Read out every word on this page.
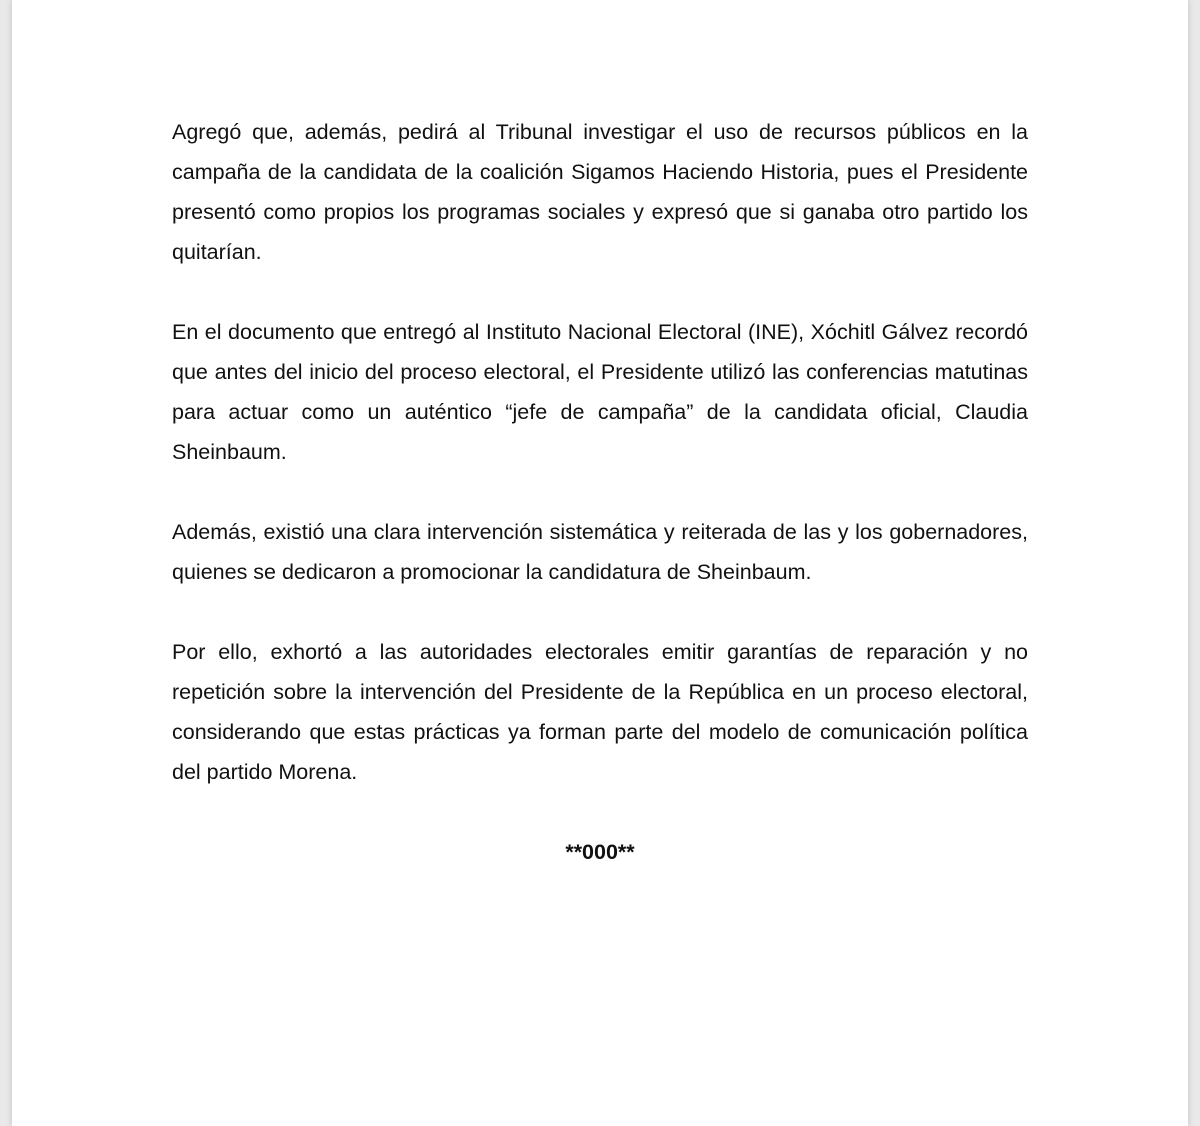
Agregó que, además, pedirá al Tribunal investigar el uso de recursos públicos en la campaña de la candidata de la coalición Sigamos Haciendo Historia, pues el Presidente presentó como propios los programas sociales y expresó que si ganaba otro partido los quitarían.

En el documento que entregó al Instituto Nacional Electoral (INE), Xóchitl Gálvez recordó que antes del inicio del proceso electoral, el Presidente utilizó las conferencias matutinas para actuar como un auténtico “jefe de campaña” de la candidata oficial, Claudia Sheinbaum.

Además, existió una clara intervención sistemática y reiterada de las y los gobernadores, quienes se dedicaron a promocionar la candidatura de Sheinbaum.

Por ello, exhortó a las autoridades electorales emitir garantías de reparación y no repetición sobre la intervención del Presidente de la República en un proceso electoral, considerando que estas prácticas ya forman parte del modelo de comunicación política del partido Morena.

**000**
